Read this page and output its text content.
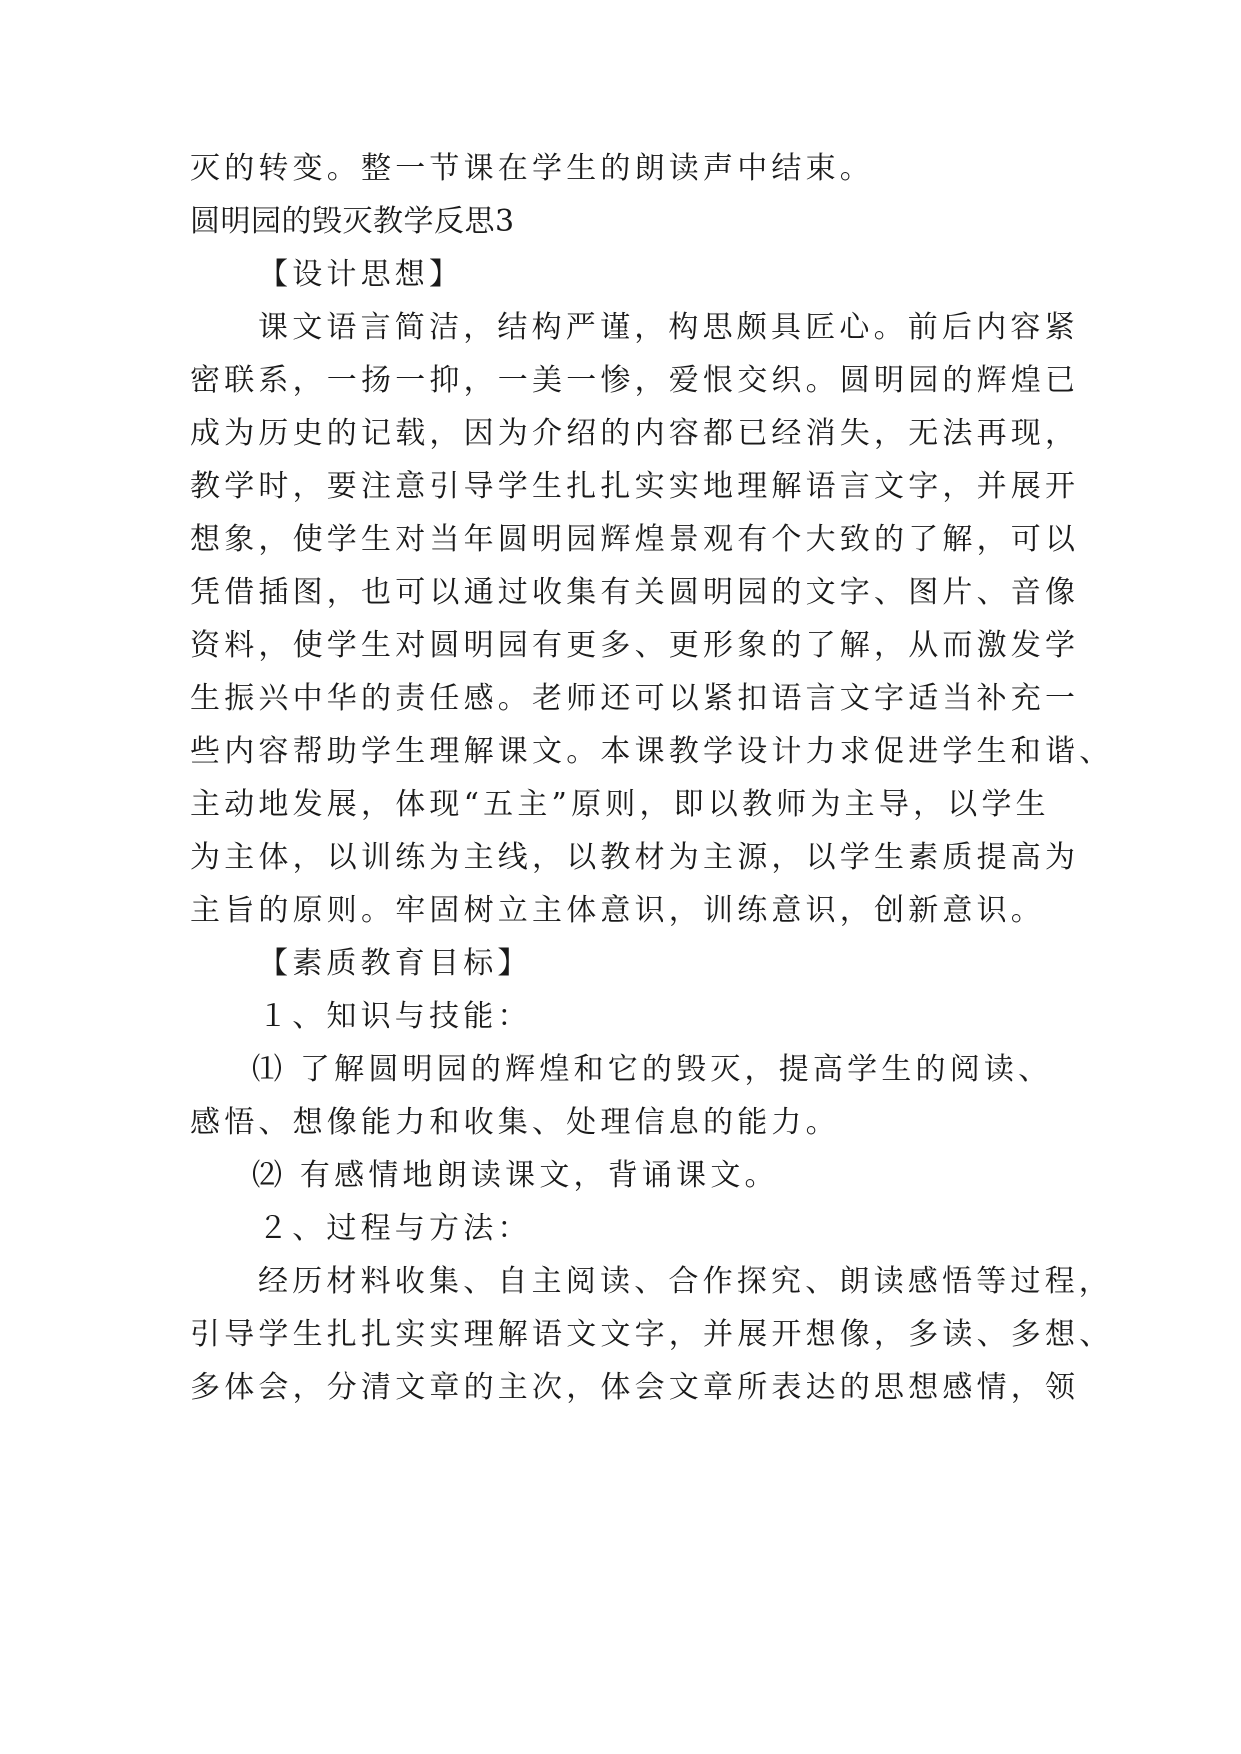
灭的转变。整一节课在学生的朗读声中结束。

圆明园的毁灭教学反思3

【设计思想】

课文语言简洁，结构严谨，构思颇具匠心。前后内容紧

密联系，一扬一抑，一美一惨，爱恨交织。圆明园的辉煌已

成为历史的记载，因为介绍的内容都已经消失，无法再现，

教学时，要注意引导学生扎扎实实地理解语言文字，并展开

想象，使学生对当年圆明园辉煌景观有个大致的了解，可以

凭借插图，也可以通过收集有关圆明园的文字、图片、音像

资料，使学生对圆明园有更多、更形象的了解，从而激发学

生振兴中华的责任感。老师还可以紧扣语言文字适当补充一

些内容帮助学生理解课文。本课教学设计力求促进学生和谐、

主动地发展，体现“五主”原则，即以教师为主导，以学生

为主体，以训练为主线，以教材为主源，以学生素质提高为

主旨的原则。牢固树立主体意识，训练意识，创新意识。

【素质教育目标】

１、知识与技能：

⑴ 了解圆明园的辉煌和它的毁灭，提高学生的阅读、

感悟、想像能力和收集、处理信息的能力。

⑵ 有感情地朗读课文，背诵课文。

２、过程与方法：

经历材料收集、自主阅读、合作探究、朗读感悟等过程，

引导学生扎扎实实理解语文文字，并展开想像，多读、多想、

多体会，分清文章的主次，体会文章所表达的思想感情，领
